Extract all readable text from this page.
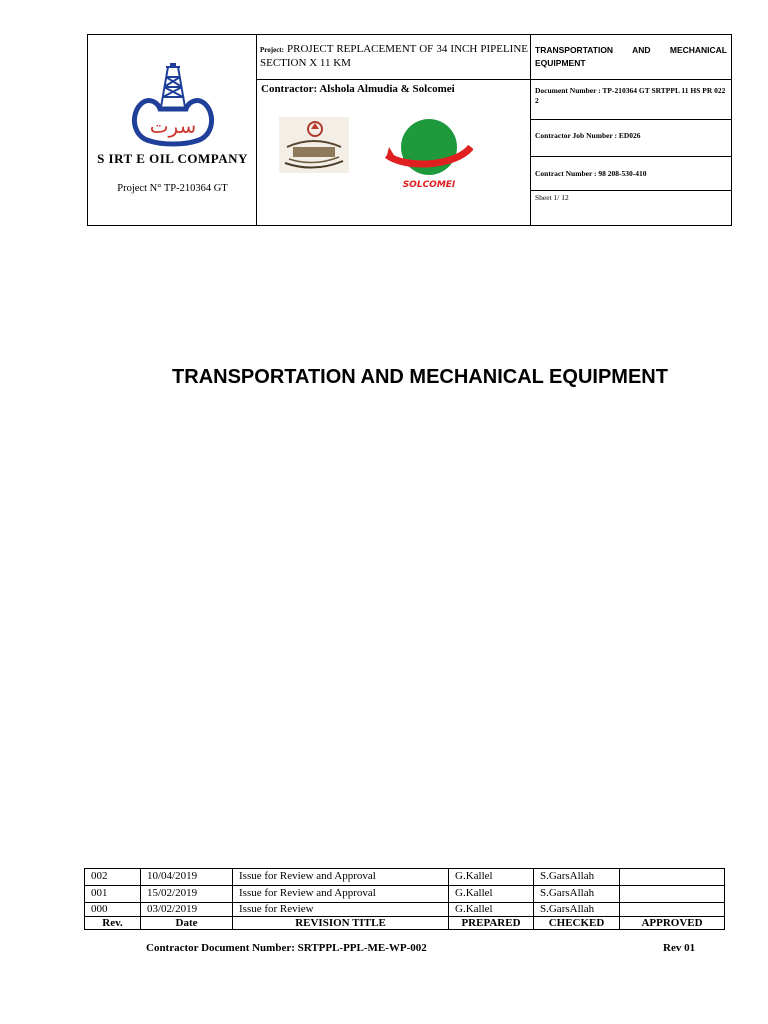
سرت
S IRT E OIL COMPANY
Project N° TP-210364 GT
Project: PROJECT REPLACEMENT OF 34 INCH PIPELINE SECTION X 11 KM
Contractor: Alshola Almudia & Solcomei
SOLCOMEI
TRANSPORTATION AND MECHANICAL EQUIPMENT
Document Number : TP-210364 GT SRTPPL 11 HS PR 022 2
Contractor Job Number : ED026
Contract Number : 98 208-530-410
Sheet 1/ 12
TRANSPORTATION AND MECHANICAL EQUIPMENT
002	10/04/2019	Issue for Review and Approval	G.Kallel	S.GarsAllah	
001	15/02/2019	Issue for Review and Approval	G.Kallel	S.GarsAllah	
000	03/02/2019	Issue for Review	G.Kallel	S.GarsAllah	
Rev.	Date	REVISION TITLE	PREPARED	CHECKED	APPROVED
Contractor Document Number: SRTPPL-PPL-ME-WP-002	Rev 01
